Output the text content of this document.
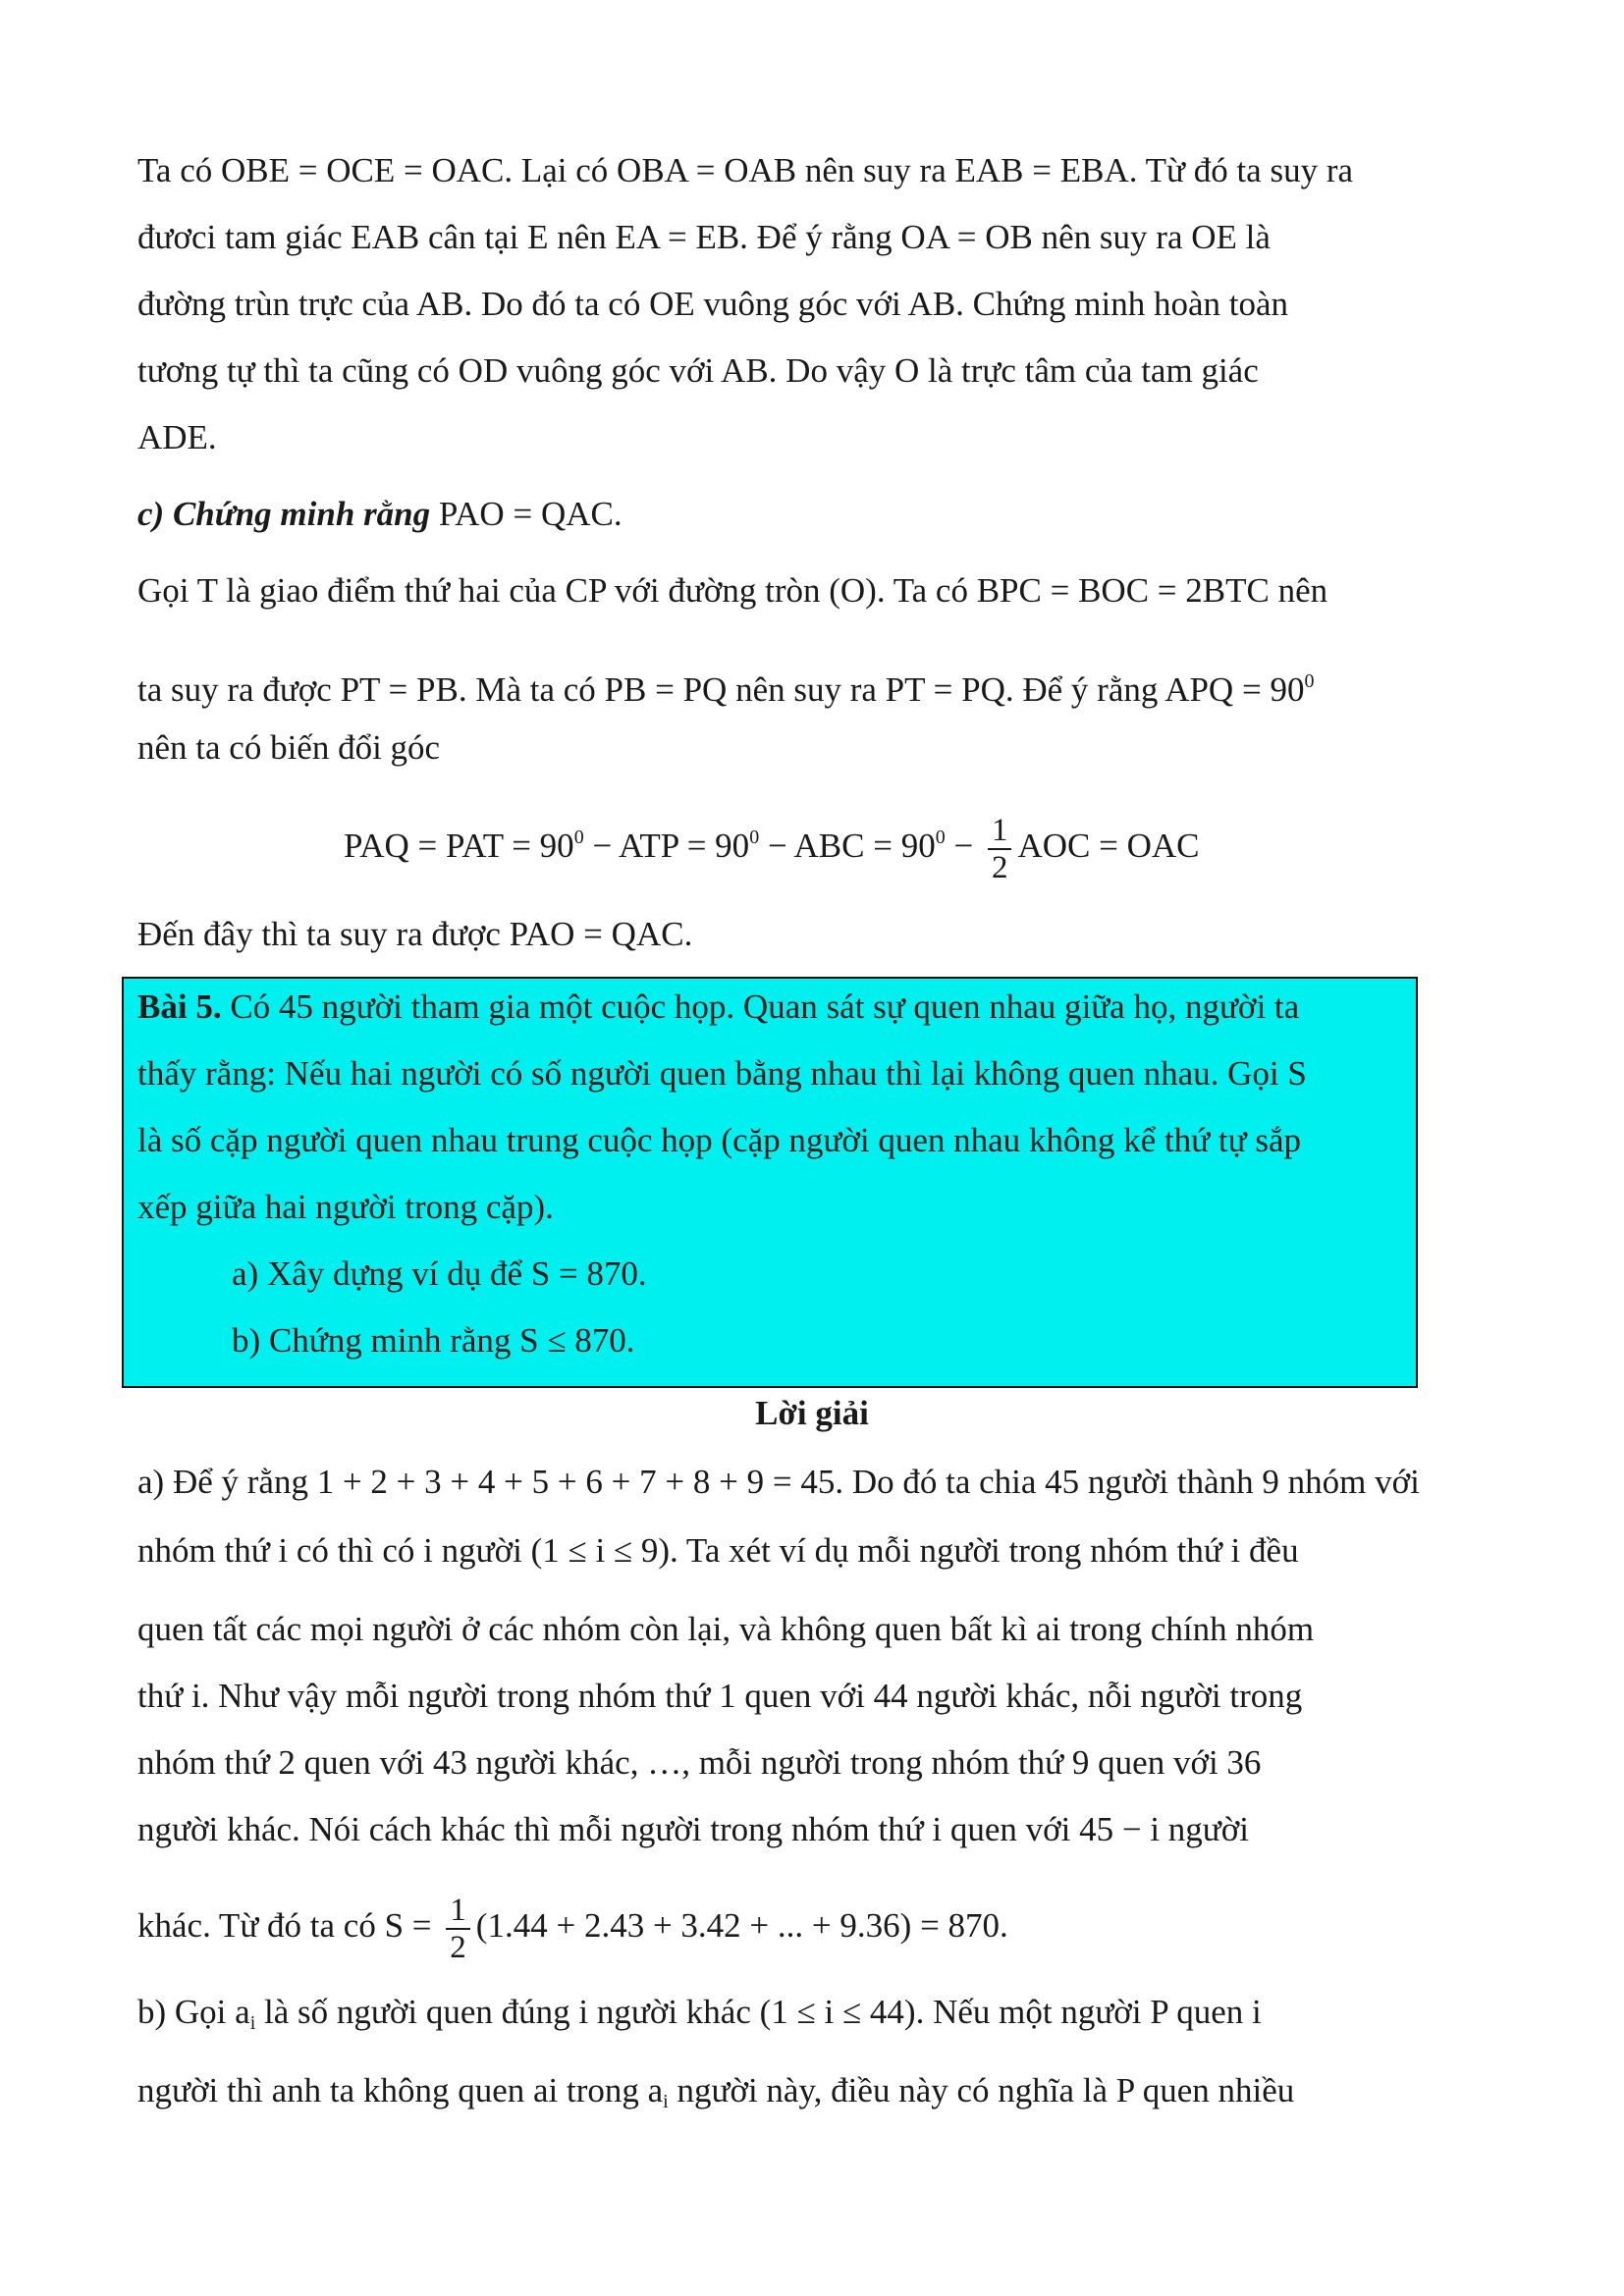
Ta có OBE = OCE = OAC. Lại có OBA = OAB nên suy ra EAB = EBA. Từ đó ta suy ra
đươci tam giác EAB cân tại E nên EA = EB. Để ý rằng OA = OB nên suy ra OE là
đường trùn trực của AB. Do đó ta có OE vuông góc với AB. Chứng minh hoàn toàn
tương tự thì ta cũng có OD vuông góc với AB. Do vậy O là trực tâm của tam giác
ADE.
c) Chứng minh rằng PAO = QAC.
Gọi T là giao điểm thứ hai của CP với đường tròn (O). Ta có BPC = BOC = 2BTC nên
ta suy ra được PT = PB. Mà ta có PB = PQ nên suy ra PT = PQ. Để ý rằng APQ = $90^0$
nên ta có biến đổi góc
PAQ = PAT = $90^0$ − ATP = $90^0$ − ABC = $90^0 - \frac{1}{2}$ AOC = OAC
Đến đây thì ta suy ra được PAO = QAC.
Bài 5. Có 45 người tham gia một cuộc họp. Quan sát sự quen nhau giữa họ, người ta
thấy rằng: Nếu hai người có số người quen bằng nhau thì lại không quen nhau. Gọi S
là số cặp người quen nhau trung cuộc họp (cặp người quen nhau không kể thứ tự sắp
xếp giữa hai người trong cặp).
a) Xây dựng ví dụ để S = 870.
b) Chứng minh rằng S ≤ 870.
Lời giải
a) Để ý rằng 1 + 2 + 3 + 4 + 5 + 6 + 7 + 8 + 9 = 45. Do đó ta chia 45 người thành 9 nhóm với
nhóm thứ i có thì có i người (1 ≤ i ≤ 9). Ta xét ví dụ mỗi người trong nhóm thứ i đều
quen tất các mọi người ở các nhóm còn lại, và không quen bất kì ai trong chính nhóm
thứ i. Như vậy mỗi người trong nhóm thứ 1 quen với 44 người khác, nỗi người trong
nhóm thứ 2 quen với 43 người khác, …, mỗi người trong nhóm thứ 9 quen với 36
người khác. Nói cách khác thì mỗi người trong nhóm thứ i quen với 45 − i người
khác. Từ đó ta có $S = \frac{1}{2} (1.44 + 2.43 + 3.42$ + ... + 9.36) = 870.
b) Gọi $a_i$ là số người quen đúng i người khác (1 ≤ i ≤ 44). Nếu một người P quen i
người thì anh ta không quen ai trong $a_i$ người này, điều này có nghĩa là P quen nhiều
